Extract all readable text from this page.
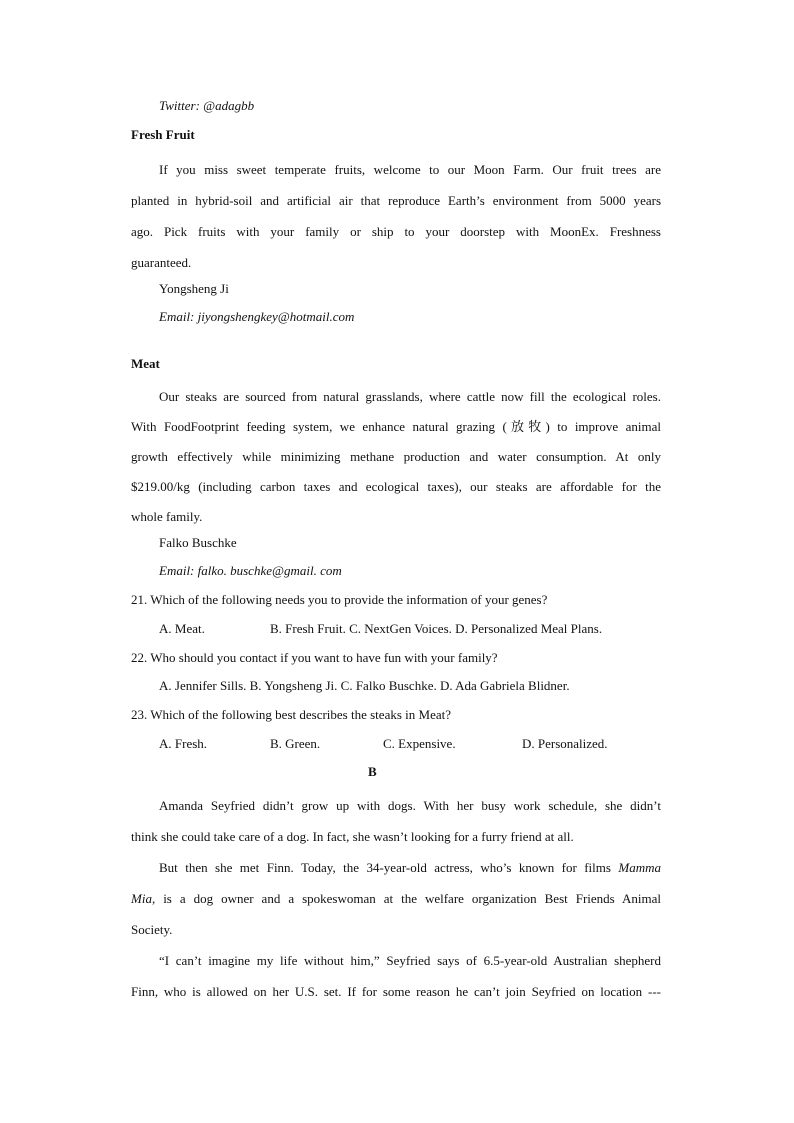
Twitter: @adagbb
Fresh Fruit
If you miss sweet temperate fruits, welcome to our Moon Farm. Our fruit trees are
planted in hybrid-soil and artificial air that reproduce Earth’s environment from 5000 years
ago. Pick fruits with your family or ship to your doorstep with MoonEx. Freshness
guaranteed.
Yongsheng Ji
Email: jiyongshengkey@hotmail.com
Meat
Our steaks are sourced from natural grasslands, where cattle now fill the ecological roles.
With FoodFootprint feeding system, we enhance natural grazing (放牧) to improve animal
growth effectively while minimizing methane production and water consumption. At only
$219.00/kg (including carbon taxes and ecological taxes), our steaks are affordable for the
whole family.
Falko Buschke
Email: falko. buschke@gmail. com
21. Which of the following needs you to provide the information of your genes?
A. Meat.	B. Fresh Fruit. C. NextGen Voices. D. Personalized Meal Plans.
22. Who should you contact if you want to have fun with your family?
A. Jennifer Sills. B. Yongsheng Ji. C. Falko Buschke. D. Ada Gabriela Blidner.
23. Which of the following best describes the steaks in Meat?
A. Fresh.	B. Green.	C. Expensive.	D. Personalized.
B
Amanda Seyfried didn’t grow up with dogs. With her busy work schedule, she didn’t
think she could take care of a dog. In fact, she wasn’t looking for a furry friend at all.
But then she met Finn. Today, the 34-year-old actress, who’s known for films Mamma
Mia, is a dog owner and a spokeswoman at the welfare organization Best Friends Animal
Society.
“I can’t imagine my life without him,” Seyfried says of 6.5-year-old Australian shepherd
Finn, who is allowed on her U.S. set. If for some reason he can’t join Seyfried on location ---
